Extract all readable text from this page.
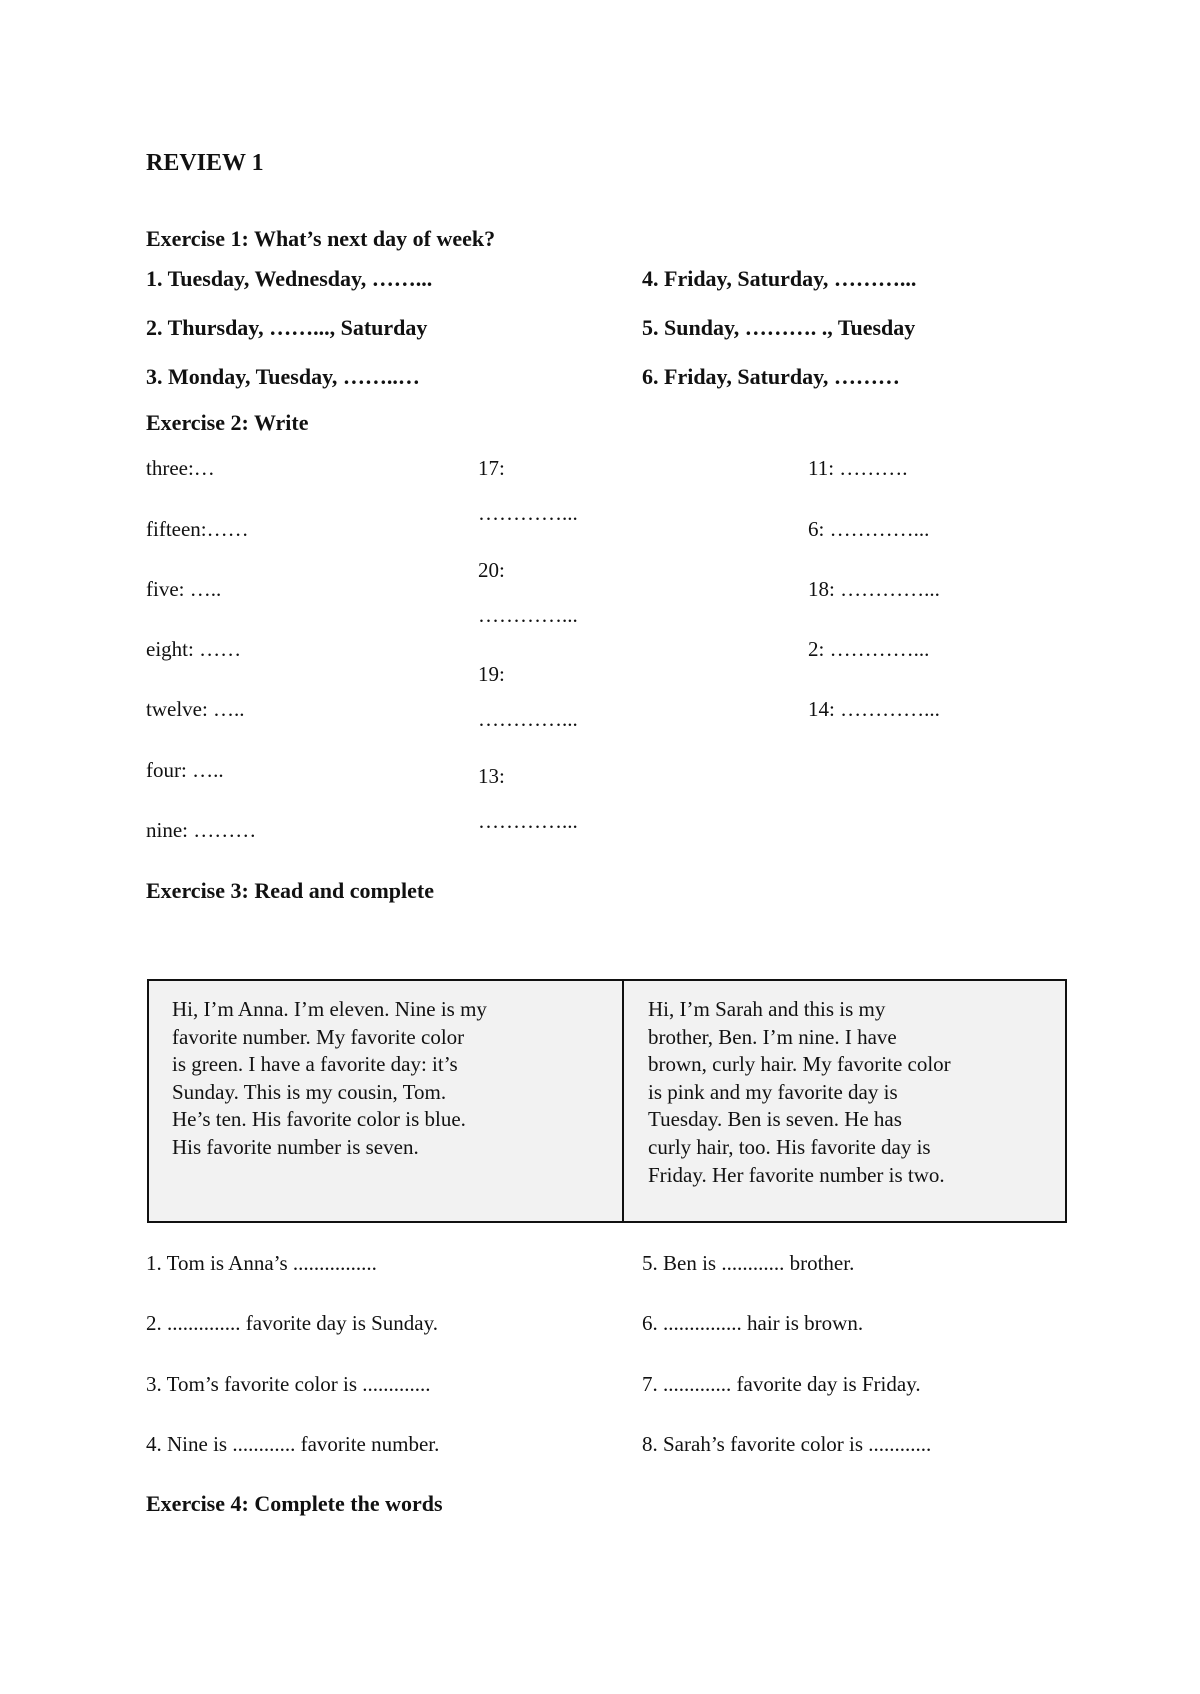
REVIEW 1
Exercise 1: What’s next day of week?
1. Tuesday, Wednesday, ……...
2. Thursday, ……..., Saturday
3. Monday, Tuesday, ……..…
4. Friday, Saturday, ………...
5. Sunday, ………. ., Tuesday
6. Friday, Saturday, ………
Exercise 2: Write
three:…
fifteen:……
five: …..
eight: ……
twelve: …..
four: …..
nine: ………
17:
…………...
20:
…………...
19:
…………...
13:
…………...
11: ……….
6: …………...
18: …………...
2: …………...
14: …………...
Exercise 3: Read and complete
Hi, I’m Anna. I’m eleven. Nine is my
favorite number. My favorite color
is green. I have a favorite day: it’s
Sunday. This is my cousin, Tom.
He’s ten. His favorite color is blue.
His favorite number is seven.
Hi, I’m Sarah and this is my
brother, Ben. I’m nine. I have
brown, curly hair. My favorite color
is pink and my favorite day is
Tuesday. Ben is seven. He has
curly hair, too. His favorite day is
Friday. Her favorite number is two.
1. Tom is Anna’s ................
2. .............. favorite day is Sunday.
3. Tom’s favorite color is .............
4. Nine is ............ favorite number.
5. Ben is ............ brother.
6. ............... hair is brown.
7. ............. favorite day is Friday.
8. Sarah’s favorite color is ............
Exercise 4: Complete the words
